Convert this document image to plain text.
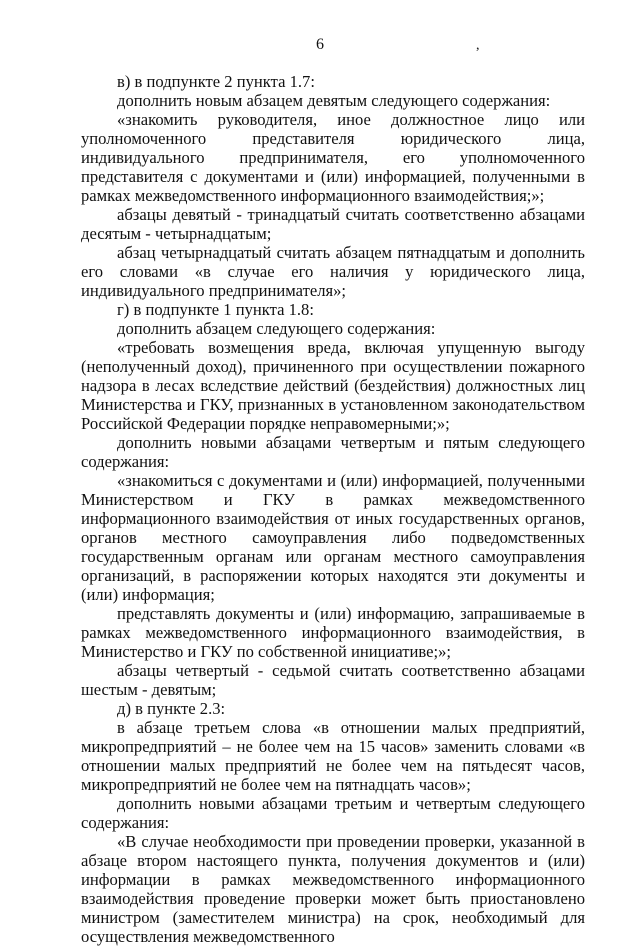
6	,

в) в подпункте 2 пункта 1.7:

дополнить новым абзацем девятым следующего содержания:

«знакомить руководителя, иное должностное лицо или уполномоченного представителя юридического лица, индивидуального предпринимателя, его уполномоченного представителя с документами и (или) информацией, полученными в рамках межведомственного информационного взаимодействия;»;

абзацы девятый - тринадцатый считать соответственно абзацами десятым - четырнадцатым;

абзац четырнадцатый считать абзацем пятнадцатым и дополнить его словами «в случае его наличия у юридического лица, индивидуального предпринимателя»;

г) в подпункте 1 пункта 1.8:

дополнить абзацем следующего содержания:

«требовать возмещения вреда, включая упущенную выгоду (неполученный доход), причиненного при осуществлении пожарного надзора в лесах вследствие действий (бездействия) должностных лиц Министерства и ГКУ, признанных в установленном законодательством Российской Федерации порядке неправомерными;»;

дополнить новыми абзацами четвертым и пятым следующего содержания:

«знакомиться с документами и (или) информацией, полученными Министерством и ГКУ в рамках межведомственного информационного взаимодействия от иных государственных органов, органов местного самоуправления либо подведомственных государственным органам или органам местного самоуправления организаций, в распоряжении которых находятся эти документы и (или) информация;

представлять документы и (или) информацию, запрашиваемые в рамках межведомственного информационного взаимодействия, в Министерство и ГКУ по собственной инициативе;»;

абзацы четвертый - седьмой считать соответственно абзацами шестым - девятым;

д) в пункте 2.3:

в абзаце третьем слова «в отношении малых предприятий, микропредприятий – не более чем на 15 часов» заменить словами «в отношении малых предприятий не более чем на пятьдесят часов, микропредприятий не более чем на пятнадцать часов»;

дополнить новыми абзацами третьим и четвертым следующего содержания:

«В случае необходимости при проведении проверки, указанной в абзаце втором настоящего пункта, получения документов и (или) информации в рамках межведомственного информационного взаимодействия проведение проверки может быть приостановлено министром (заместителем министра) на срок, необходимый для осуществления межведомственного
